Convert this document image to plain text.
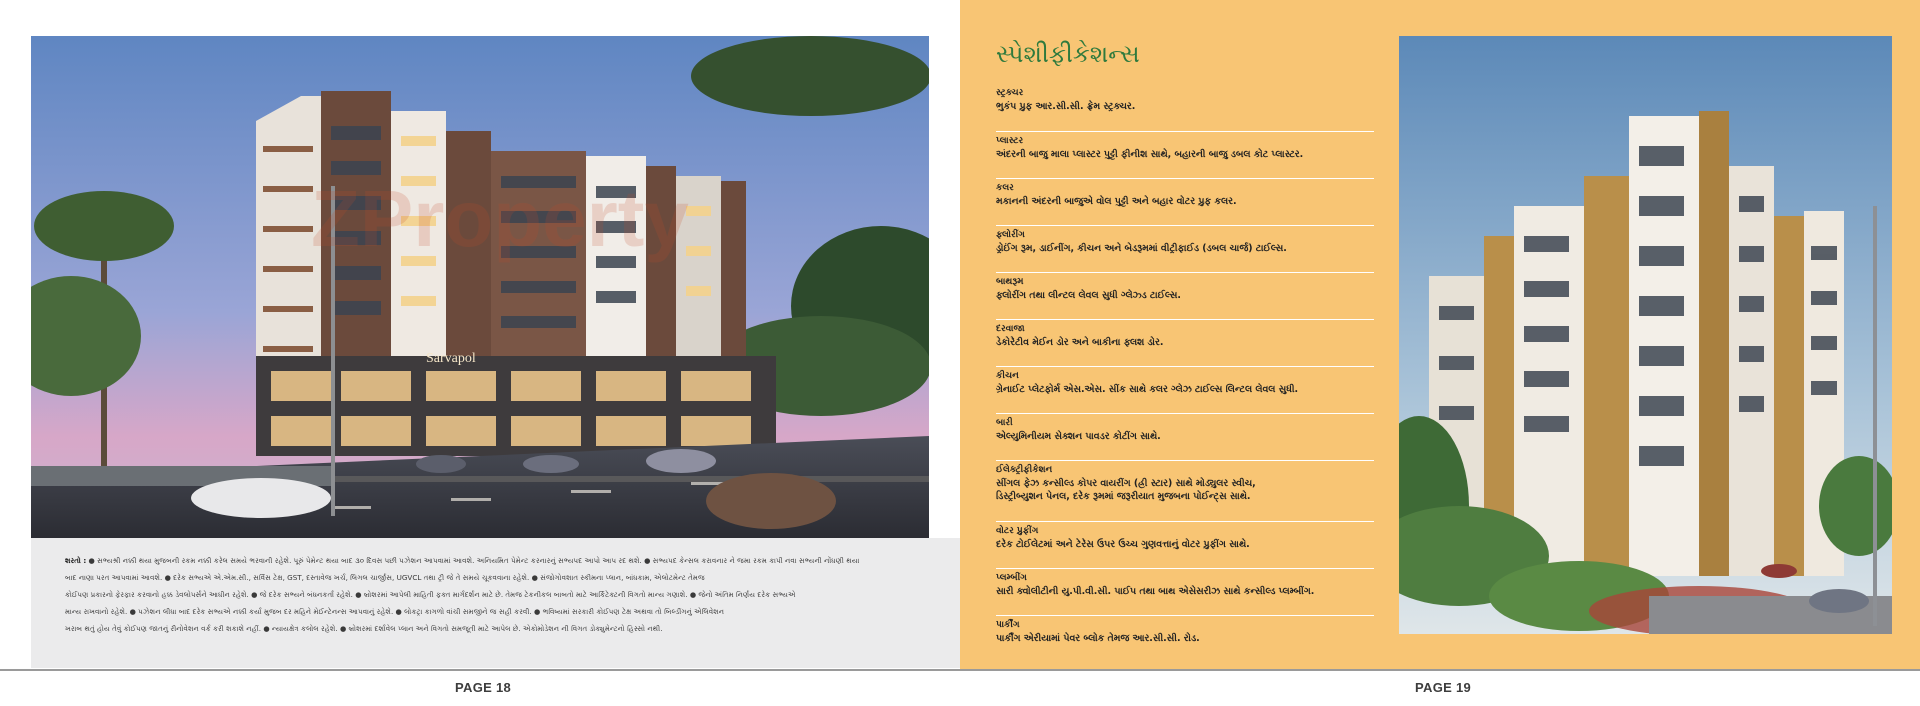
Sarvapol
ZProperty

શરતો : ● સભ્યશ્રી નક્કી થયા મુજબની રકમ નક્કી કરેલ સમયે ભરવાની રહેશે. પૂરું પેમેન્ટ થયા બાદ ૩૦ દિવસ પછી પઝેશન આપવામાં આવશે. અનિયમિત પેમેન્ટ કરનારનું સભ્યપદ આપો આપ રદ થશે. ● સભ્યપદ કેન્સલ કરાવનાર ને જમા રકમ કાપી નવા સભ્યની નોંધણી થયા

બાદ નાણા પરત આપવામાં આવશે. ● દરેક સભ્યએ એ.એમ.સી., સર્વિસ ટેક્ષ, GST, દસ્તાવેજ ખર્ચ, લિગલ ચાર્જીસ, UGVCL તથા ટ્રી જે તે સમયે ચૂકવવાના રહેશે. ● સંજોગોવશાત સ્કીમના પ્લાન, બાંધકામ, એલોટમેન્ટ તેમજ

કોઈપણ પ્રકારનો ફેરફાર કરવાનો હક્ક ડેવલોપર્સને આધીન રહેશે. ● જે દરેક સભ્યને બંધનકર્તા રહેશે. ● બ્રોશરમાં આપેલી માહિતી ફક્ત માર્ગદર્શન માટે છે. તેમજ ટેકનીકલ બાબતો માટે આર્કિટેક્ટની વિગતો માન્ય ગણાશે. ● જેનો અંતિમ નિર્ણય દરેક સભ્યએ

માન્ય રાખવાનો રહેશે. ● પઝેશન લીધા બાદ દરેક સભ્યએ નક્કી કર્યા મુજબ દર મહિને મેઈન્ટેનન્સ આપવાનું રહેશે. ● લોકટ્રા કાગળો વાંચી સમજીને જ સહી કરવી. ● ભવિષ્યમાં સરકારી કોઈપણ ટેક્ષ અથવા તો બિલ્ડીંગનું એલિવેશન

ખરાબ થતું હોય તેવું કોઈપણ જાતનું રીનોવેશન વર્ક કરી શકાશે નહીં. ● ન્યાયક્ષેત્ર કલોલ રહેશે. ● બ્રોશરમાં દર્શાવેલ પ્લાન અને વિગતો સમજૂતી માટે આપેલ છે. એકોમોડેશન ની વિગત ડોક્યુમેન્ટનો હિસ્સો નથી.

PAGE 18
સ્પેશીફીકેશન્સ
સ્ટ્રક્ચર
ભુકંપ પ્રુફ આર.સી.સી. ફ્રેમ સ્ટ્રક્ચર.
પ્લાસ્ટર
અંદરની બાજુ માલા પ્લાસ્ટર પુટ્ટી ફીનીશ સાથે, બહારની બાજુ ડબલ કોટ પ્લાસ્ટર.
કલર
મકાનની અંદરની બાજુએ વોલ પુટ્ટી અને બહાર વોટર પ્રુફ કલર.
ફ્લોરીંગ
ડ્રોઈંગ રૂમ, ડાઈનીંગ, કીચન અને બેડરૂમમાં વીટ્રીફાઈડ (ડબલ ચાર્જ) ટાઈલ્સ.
બાથરૂમ
ફ્લોરીંગ તથા લીન્ટલ લેવલ સુધી ગ્લેઝ્ડ ટાઈલ્સ.
દરવાજા
ડેકોરેટીવ મેઈન ડોર અને બાકીના ફ્લશ ડોર.
કીચન
ગ્રેનાઈટ પ્લેટફોર્મ એસ.એસ. સીંક સાથે કલર ગ્લેઝ ટાઈલ્સ લિન્ટલ લેવલ સુધી.
બારી
એલ્યુમિનીયમ સેક્શન પાવડર કોટીંગ સાથે.
ઈલેક્ટ્રીફીકેશન
સીંગલ ફેઝ કન્સીલ્ડ કોપર વાયરીંગ (હ્રી સ્ટાર) સાથે મોડ્યુલર સ્વીચ,
ડિસ્ટ્રીબ્યુશન પેનલ, દરેક રૂમમાં જરૂરીયાત મુજબના પોઈન્ટ્સ સાથે.
વોટર પ્રુફીંગ
દરેક ટોઈલેટમાં અને ટેરેસ ઉપર ઉચ્ચ ગુણવત્તાનું વોટર પ્રુફીંગ સાથે.
પ્લમ્બીંગ
સારી ક્વોલીટીની યુ.પી.વી.સી. પાઈપ તથા બાથ એસેસરીઝ સાથે કન્સીલ્ડ પ્લમ્બીંગ.
પાર્કીંગ
પાર્કીંગ એરીયામાં પેવર બ્લોક તેમજ આર.સી.સી. રોડ.
PAGE 19
